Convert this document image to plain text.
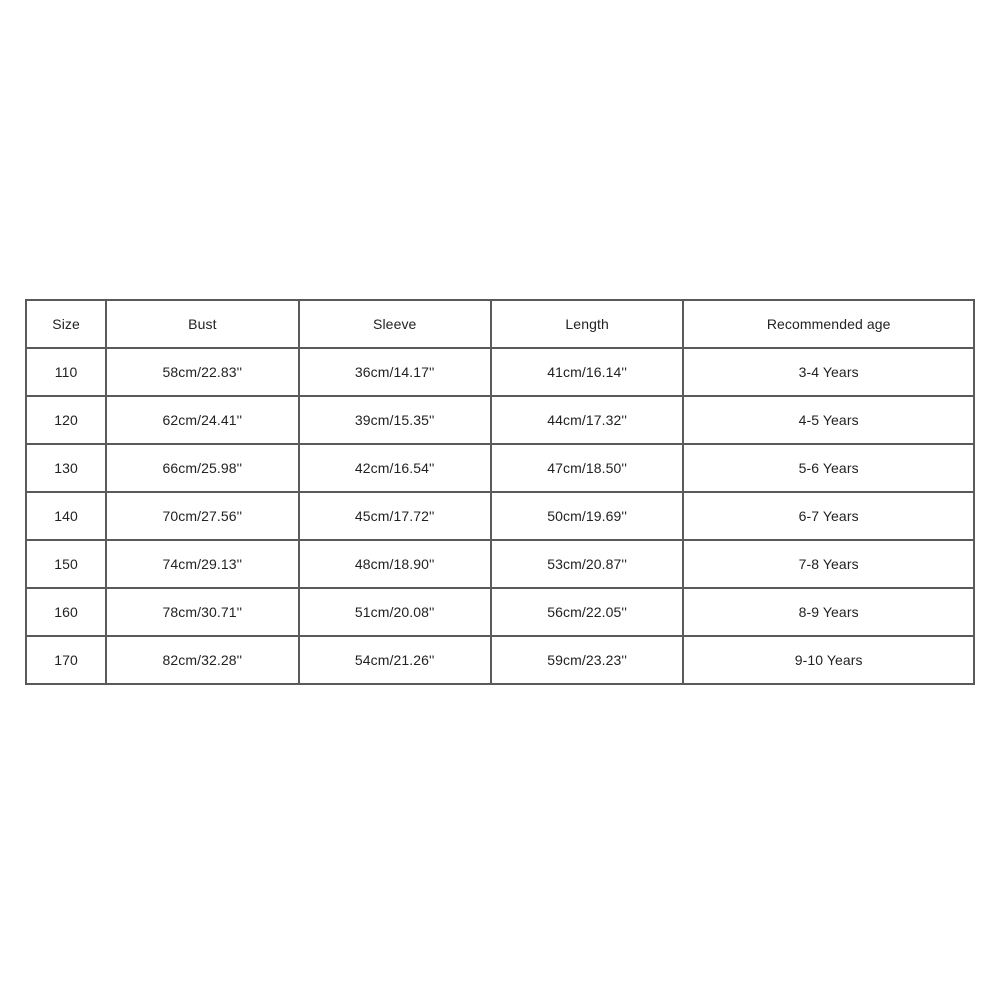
Size	Bust	Sleeve	Length	Recommended age
110	58cm/22.83''	36cm/14.17''	41cm/16.14''	3-4 Years
120	62cm/24.41''	39cm/15.35''	44cm/17.32''	4-5 Years
130	66cm/25.98''	42cm/16.54''	47cm/18.50''	5-6 Years
140	70cm/27.56''	45cm/17.72''	50cm/19.69''	6-7 Years
150	74cm/29.13''	48cm/18.90''	53cm/20.87''	7-8 Years
160	78cm/30.71''	51cm/20.08''	56cm/22.05''	8-9 Years
170	82cm/32.28''	54cm/21.26''	59cm/23.23''	9-10 Years
